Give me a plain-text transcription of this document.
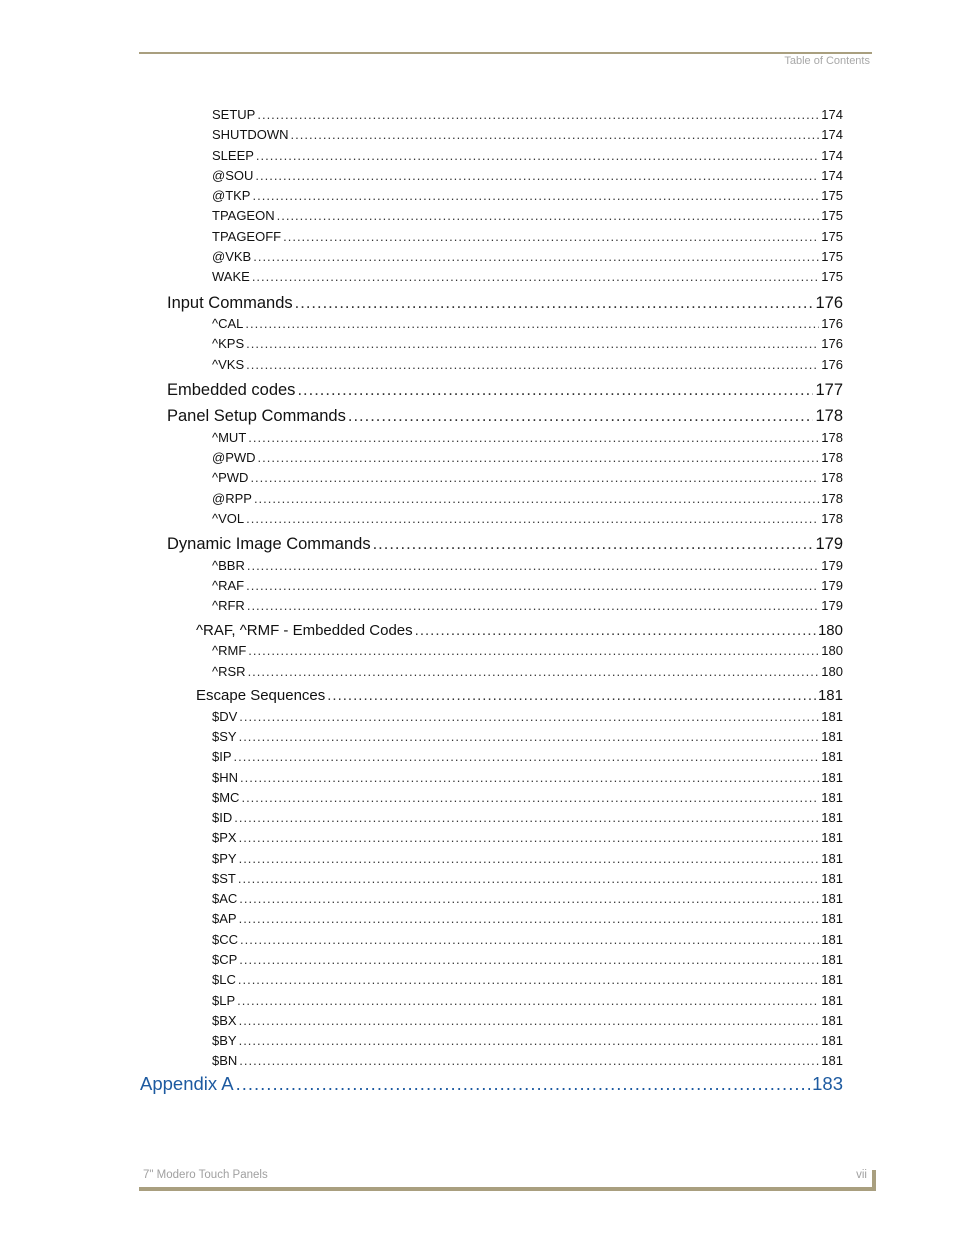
Table of Contents
SETUP .....	174
SHUTDOWN .....	174
SLEEP .....	174
@SOU .....	174
@TKP .....	175
TPAGEON .....	175
TPAGEOFF .....	175
@VKB .....	175
WAKE .....	175
Input Commands .....	176
^CAL .....	176
^KPS .....	176
^VKS .....	176
Embedded codes .....	177
Panel Setup Commands .....	178
^MUT .....	178
@PWD .....	178
^PWD .....	178
@RPP .....	178
^VOL .....	178
Dynamic Image Commands .....	179
^BBR .....	179
^RAF .....	179
^RFR .....	179
^RAF, ^RMF - Embedded Codes .....	180
^RMF .....	180
^RSR .....	180
Escape Sequences .....	181
$DV .....	181
$SY .....	181
$IP .....	181
$HN .....	181
$MC .....	181
$ID .....	181
$PX .....	181
$PY .....	181
$ST .....	181
$AC .....	181
$AP .....	181
$CC .....	181
$CP .....	181
$LC .....	181
$LP .....	181
$BX .....	181
$BY .....	181
$BN .....	181
Appendix A .....	183
7" Modero Touch Panels	vii
